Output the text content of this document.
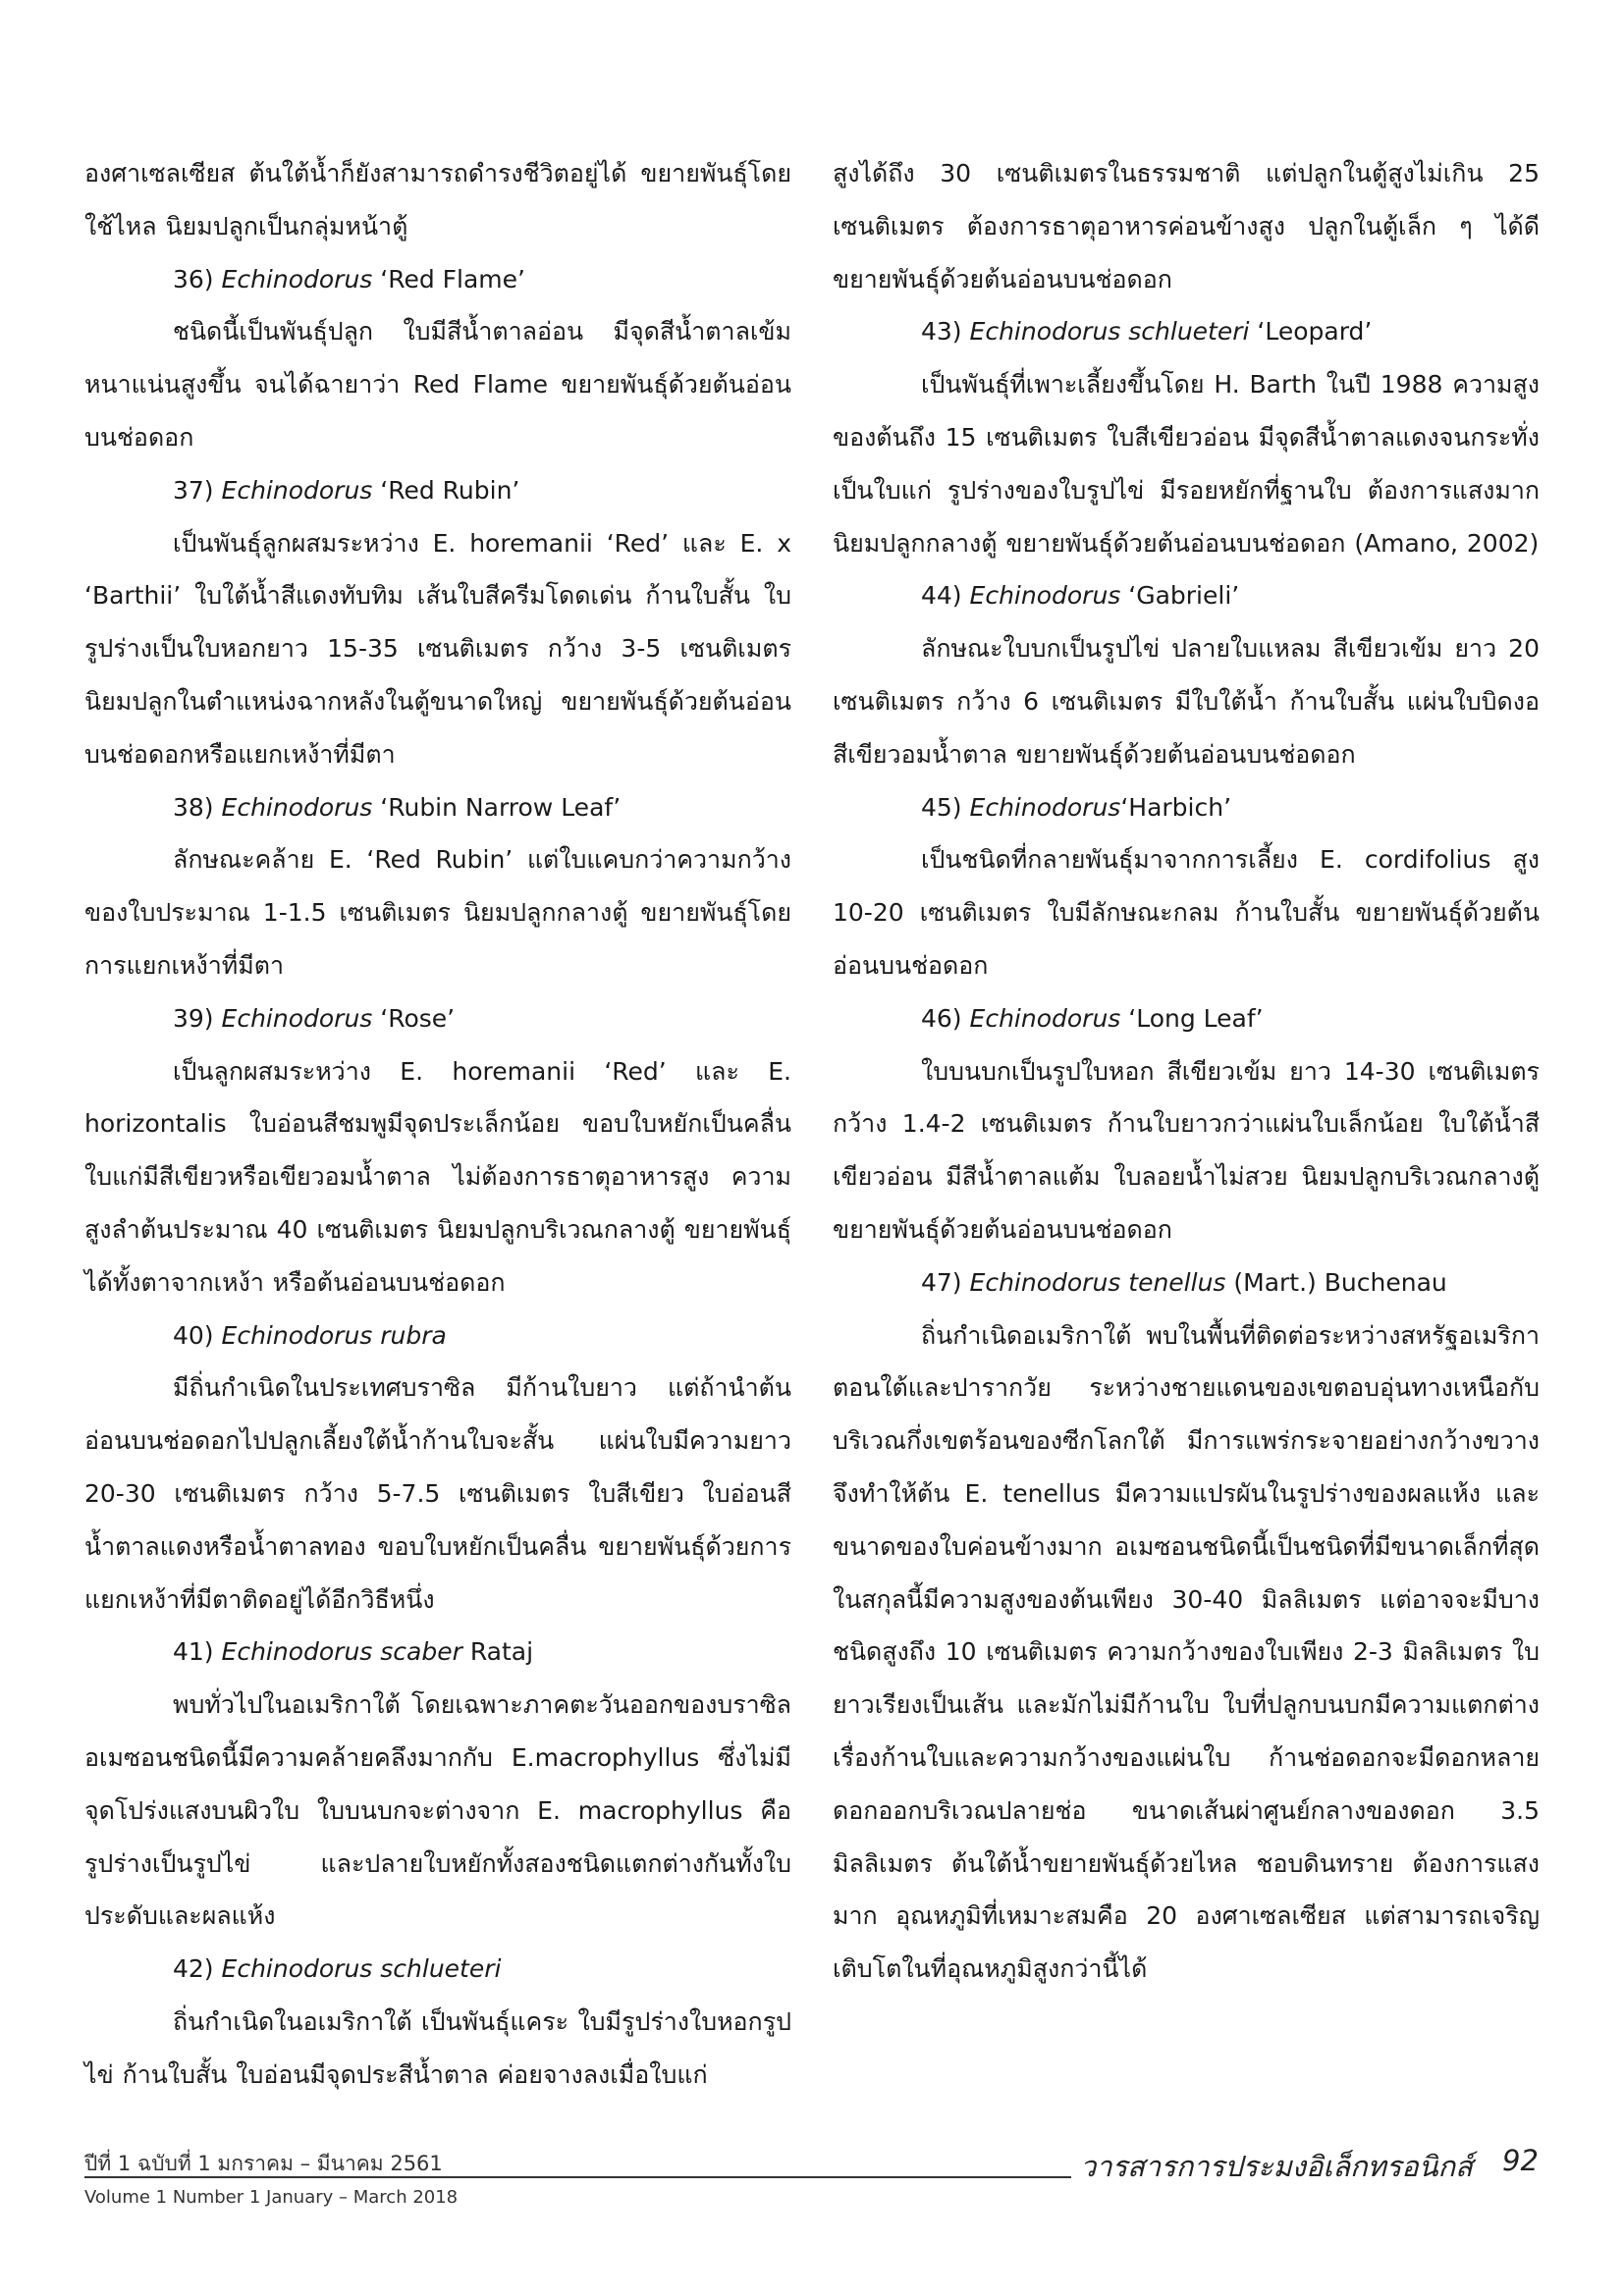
องศาเซลเซียส ต้นใต้น้ำก็ยังสามารถดำรงชีวิตอยู่ได้ ขยายพันธุ์โดยใช้ไหล นิยมปลูกเป็นกลุ่มหน้าตู้

36) Echinodorus ‘Red Flame’

ชนิดนี้เป็นพันธุ์ปลูก ใบมีสีน้ำตาลอ่อน มีจุดสีน้ำตาลเข้มหนาแน่นสูงขึ้น จนได้ฉายาว่า Red Flame ขยายพันธุ์ด้วยต้นอ่อนบนช่อดอก

37) Echinodorus ‘Red Rubin’

เป็นพันธุ์ลูกผสมระหว่าง E. horemanii ‘Red’ และ E. x ‘Barthii’ ใบใต้น้ำสีแดงทับทิม เส้นใบสีครีมโดดเด่น ก้านใบสั้น ใบรูปร่างเป็นใบหอกยาว 15-35 เซนติเมตร กว้าง 3-5 เซนติเมตร นิยมปลูกในตำแหน่งฉากหลังในตู้ขนาดใหญ่ ขยายพันธุ์ด้วยต้นอ่อนบนช่อดอกหรือแยกเหง้าที่มีตา

38) Echinodorus ‘Rubin Narrow Leaf’

ลักษณะคล้าย E. ‘Red Rubin’ แต่ใบแคบกว่าความกว้างของใบประมาณ 1-1.5 เซนติเมตร นิยมปลูกกลางตู้ ขยายพันธุ์โดยการแยกเหง้าที่มีตา

39) Echinodorus ‘Rose’

เป็นลูกผสมระหว่าง E. horemanii ‘Red’ และ E. horizontalis ใบอ่อนสีชมพูมีจุดประเล็กน้อย ขอบใบหยักเป็นคลื่น ใบแก่มีสีเขียวหรือเขียวอมน้ำตาล ไม่ต้องการธาตุอาหารสูง ความสูงลำต้นประมาณ 40 เซนติเมตร นิยมปลูกบริเวณกลางตู้ ขยายพันธุ์ได้ทั้งตาจากเหง้า หรือต้นอ่อนบนช่อดอก

40) Echinodorus rubra

มีถิ่นกำเนิดในประเทศบราซิล มีก้านใบยาว แต่ถ้านำต้นอ่อนบนช่อดอกไปปลูกเลี้ยงใต้น้ำก้านใบจะสั้น แผ่นใบมีความยาว 20-30 เซนติเมตร กว้าง 5-7.5 เซนติเมตร ใบสีเขียว ใบอ่อนสีน้ำตาลแดงหรือน้ำตาลทอง ขอบใบหยักเป็นคลื่น ขยายพันธุ์ด้วยการแยกเหง้าที่มีตาติดอยู่ได้อีกวิธีหนึ่ง

41) Echinodorus scaber Rataj

พบทั่วไปในอเมริกาใต้ โดยเฉพาะภาคตะวันออกของบราซิล อเมซอนชนิดนี้มีความคล้ายคลึงมากกับ E.macrophyllus ซึ่งไม่มีจุดโปร่งแสงบนผิวใบ ใบบนบกจะต่างจาก E. macrophyllus คือ รูปร่างเป็นรูปไข่ และปลายใบหยักทั้งสองชนิดแตกต่างกันทั้งใบประดับและผลแห้ง

42) Echinodorus schlueteri

ถิ่นกำเนิดในอเมริกาใต้ เป็นพันธุ์แคระ ใบมีรูปร่างใบหอกรูปไข่ ก้านใบสั้น ใบอ่อนมีจุดประสีน้ำตาล ค่อยจางลงเมื่อใบแก่

สูงได้ถึง 30 เซนติเมตรในธรรมชาติ แต่ปลูกในตู้สูงไม่เกิน 25 เซนติเมตร ต้องการธาตุอาหารค่อนข้างสูง ปลูกในตู้เล็ก ๆ ได้ดี ขยายพันธุ์ด้วยต้นอ่อนบนช่อดอก

43) Echinodorus schlueteri ‘Leopard’

เป็นพันธุ์ที่เพาะเลี้ยงขึ้นโดย H. Barth ในปี 1988 ความสูงของต้นถึง 15 เซนติเมตร ใบสีเขียวอ่อน มีจุดสีน้ำตาลแดงจนกระทั่งเป็นใบแก่ รูปร่างของใบรูปไข่ มีรอยหยักที่ฐานใบ ต้องการแสงมาก นิยมปลูกกลางตู้ ขยายพันธุ์ด้วยต้นอ่อนบนช่อดอก (Amano, 2002)

44) Echinodorus ‘Gabrieli’

ลักษณะใบบกเป็นรูปไข่ ปลายใบแหลม สีเขียวเข้ม ยาว 20 เซนติเมตร กว้าง 6 เซนติเมตร มีใบใต้น้ำ ก้านใบสั้น แผ่นใบบิดงอ สีเขียวอมน้ำตาล ขยายพันธุ์ด้วยต้นอ่อนบนช่อดอก

45) Echinodorus‘Harbich’

เป็นชนิดที่กลายพันธุ์มาจากการเลี้ยง E. cordifolius สูง 10-20 เซนติเมตร ใบมีลักษณะกลม ก้านใบสั้น ขยายพันธุ์ด้วยต้นอ่อนบนช่อดอก

46) Echinodorus ‘Long Leaf’

ใบบนบกเป็นรูปใบหอก สีเขียวเข้ม ยาว 14-30 เซนติเมตร กว้าง 1.4-2 เซนติเมตร ก้านใบยาวกว่าแผ่นใบเล็กน้อย ใบใต้น้ำสีเขียวอ่อน มีสีน้ำตาลแต้ม ใบลอยน้ำไม่สวย นิยมปลูกบริเวณกลางตู้ ขยายพันธุ์ด้วยต้นอ่อนบนช่อดอก

47) Echinodorus tenellus (Mart.) Buchenau

ถิ่นกำเนิดอเมริกาใต้ พบในพื้นที่ติดต่อระหว่างสหรัฐอเมริกาตอนใต้และปารากวัย ระหว่างชายแดนของเขตอบอุ่นทางเหนือกับบริเวณกึ่งเขตร้อนของซีกโลกใต้ มีการแพร่กระจายอย่างกว้างขวาง จึงทำให้ต้น E. tenellus มีความแปรผันในรูปร่างของผลแห้ง และขนาดของใบค่อนข้างมาก อเมซอนชนิดนี้เป็นชนิดที่มีขนาดเล็กที่สุดในสกุลนี้มีความสูงของต้นเพียง 30-40 มิลลิเมตร แต่อาจจะมีบางชนิดสูงถึง 10 เซนติเมตร ความกว้างของใบเพียง 2-3 มิลลิเมตร ใบยาวเรียงเป็นเส้น และมักไม่มีก้านใบ ใบที่ปลูกบนบกมีความแตกต่างเรื่องก้านใบและความกว้างของแผ่นใบ ก้านช่อดอกจะมีดอกหลายดอกออกบริเวณปลายช่อ ขนาดเส้นผ่าศูนย์กลางของดอก 3.5 มิลลิเมตร ต้นใต้น้ำขยายพันธุ์ด้วยไหล ชอบดินทราย ต้องการแสงมาก อุณหภูมิที่เหมาะสมคือ 20 องศาเซลเซียส แต่สามารถเจริญเติบโตในที่อุณหภูมิสูงกว่านี้ได้

ปีที่ 1 ฉบับที่ 1 มกราคม – มีนาคม 2561
Volume 1 Number 1 January – March 2018
วารสารการประมงอิเล็กทรอนิกส์ 92
